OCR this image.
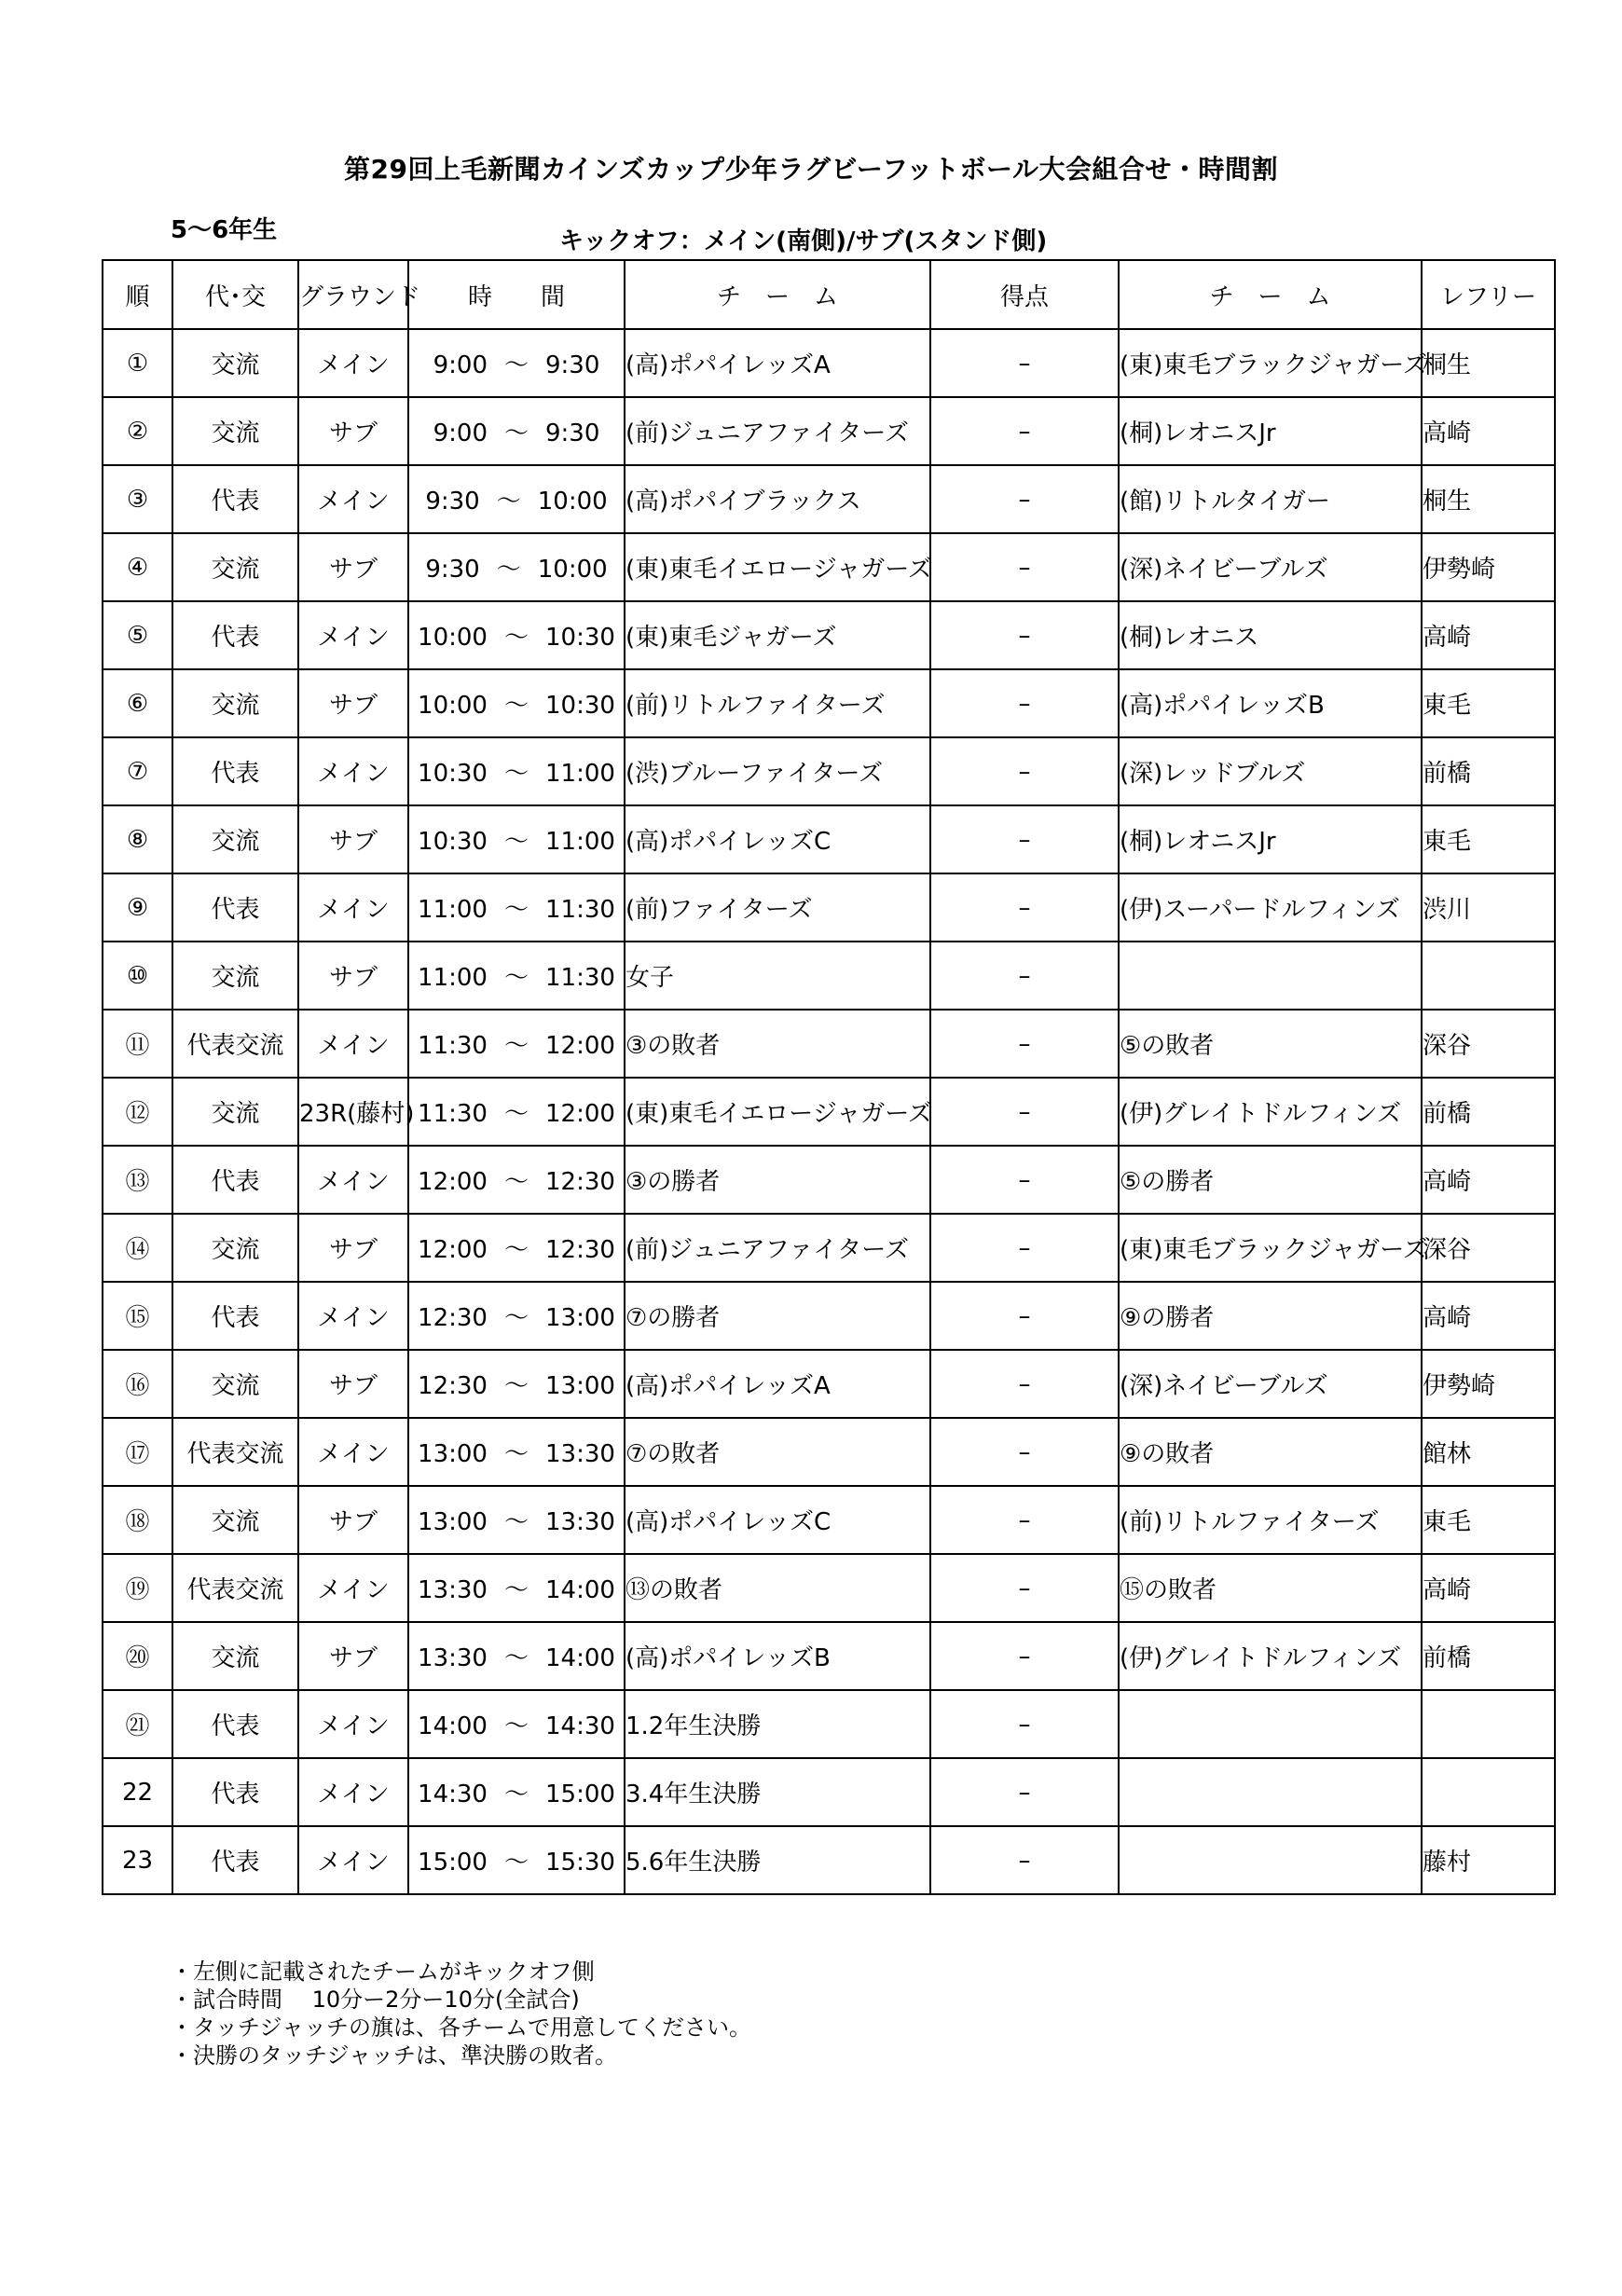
第29回上毛新聞カインズカップ少年ラグビーフットボール大会組合せ・時間割
5〜6年生	キックオフ：メイン(南側)/サブ(スタンド側)
順	代･交	グラウンド	時　　間	チ　ー　ム	得点	チ　ー　ム	レフリー
①	交流	メイン	9:00 〜 9:30	(高)ポパイレッズA	–	(東)東毛ブラックジャガーズ	桐生
②	交流	サブ	9:00 〜 9:30	(前)ジュニアファイターズ	–	(桐)レオニスJr	高崎
③	代表	メイン	9:30 〜 10:00	(高)ポパイブラックス	–	(館)リトルタイガー	桐生
④	交流	サブ	9:30 〜 10:00	(東)東毛イエロージャガーズ	–	(深)ネイビーブルズ	伊勢崎
⑤	代表	メイン	10:00 〜 10:30	(東)東毛ジャガーズ	–	(桐)レオニス	高崎
⑥	交流	サブ	10:00 〜 10:30	(前)リトルファイターズ	–	(高)ポパイレッズB	東毛
⑦	代表	メイン	10:30 〜 11:00	(渋)ブルーファイターズ	–	(深)レッドブルズ	前橋
⑧	交流	サブ	10:30 〜 11:00	(高)ポパイレッズC	–	(桐)レオニスJr	東毛
⑨	代表	メイン	11:00 〜 11:30	(前)ファイターズ	–	(伊)スーパードルフィンズ	渋川
⑩	交流	サブ	11:00 〜 11:30	女子	–		
⑪	代表交流	メイン	11:30 〜 12:00	③の敗者	–	⑤の敗者	深谷
⑫	交流	23R(藤村)	11:30 〜 12:00	(東)東毛イエロージャガーズ	–	(伊)グレイトドルフィンズ	前橋
⑬	代表	メイン	12:00 〜 12:30	③の勝者	–	⑤の勝者	高崎
⑭	交流	サブ	12:00 〜 12:30	(前)ジュニアファイターズ	–	(東)東毛ブラックジャガーズ	深谷
⑮	代表	メイン	12:30 〜 13:00	⑦の勝者	–	⑨の勝者	高崎
⑯	交流	サブ	12:30 〜 13:00	(高)ポパイレッズA	–	(深)ネイビーブルズ	伊勢崎
⑰	代表交流	メイン	13:00 〜 13:30	⑦の敗者	–	⑨の敗者	館林
⑱	交流	サブ	13:00 〜 13:30	(高)ポパイレッズC	–	(前)リトルファイターズ	東毛
⑲	代表交流	メイン	13:30 〜 14:00	⑬の敗者	–	⑮の敗者	高崎
⑳	交流	サブ	13:30 〜 14:00	(高)ポパイレッズB	–	(伊)グレイトドルフィンズ	前橋
㉑	代表	メイン	14:00 〜 14:30	1.2年生決勝	–		
22	代表	メイン	14:30 〜 15:00	3.4年生決勝	–		
23	代表	メイン	15:00 〜 15:30	5.6年生決勝	–		藤村
・左側に記載されたチームがキックオフ側
・試合時間　 10分ー2分ー10分(全試合)
・タッチジャッチの旗は、各チームで用意してください。
・決勝のタッチジャッチは、準決勝の敗者。
